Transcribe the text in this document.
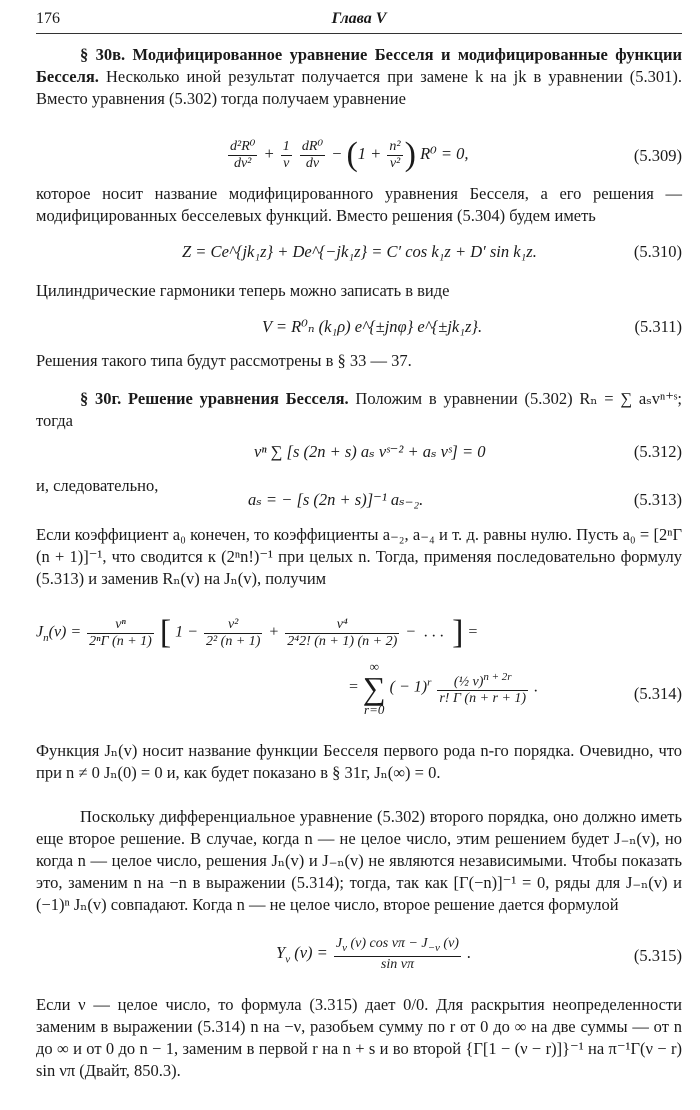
176	Глава V
§ 30в. Модифицированное уравнение Бесселя и модифицированные функции Бесселя. Несколько иной результат получается при замене k на jk в уравнении (5.301). Вместо уравнения (5.302) тогда получаем уравнение
$\frac{\text{d²R⁰}}{\text{dv²}} + \frac{1}{v}$
$\frac{\text{dR⁰}}{dv} - (1 + \frac{\text{n²}}{\text{v²}}$ ) R⁰ = 0,	(5.309)
которое носит название модифицированного уравнения Бесселя, а его решения — модифицированных бесселевых функций. Вместо решения (5.304) будем иметь
Z = Ce^{jk₁z} + De^{−jk₁z} = C′ cos k₁z + D′ sin k₁z.	(5.310)
Цилиндрические гармоники теперь можно записать в виде
V = R⁰ₙ (k₁ρ) e^{±jnφ} e^{±jk₁z}.	(5.311)
Решения такого типа будут рассмотрены в § 33 — 37.
§ 30г. Решение уравнения Бесселя. Положим в уравнении (5.302) Rₙ = ∑ aₛvⁿ⁺ˢ; тогда
vⁿ ∑ [s (2n + s) aₛ vˢ⁻² + aₛ vˢ] = 0	(5.312)
и, следовательно,
aₛ = − [s (2n + s)]⁻¹ aₛ₋₂.	(5.313)
Если коэффициент a₀ конечен, то коэффициенты a₋₂, a₋₄ и т. д. равны нулю. Пусть a₀ = [2ⁿΓ (n + 1)]⁻¹, что сводится к (2ⁿn!)⁻¹ при целых n. Тогда, применяя последовательно формулу (5.313) и заменив Rₙ(v) на Jₙ(v), получим
$J_n(v) = \frac{\text{vⁿ}}{\text{2ⁿΓ (n + 1)}}$ [ $1 - \frac{\text{v²}}{\text{2² (n + 1)}} + \frac{\text{v⁴}}{\text{2⁴2! (n + 1) (n + 2)}}$ −  . . .  ] =
= ∞
∑
r=0 ( − $1)^r \frac{(\frac{1}{2} v)^{n + 2r}}{r! \Gamma (n + r + 1)}$ .	(5.314)
Функция Jₙ(v) носит название функции Бесселя первого рода n-го порядка. Очевидно, что при n ≠ 0 Jₙ(0) = 0 и, как будет показано в § 31г, Jₙ(∞) = 0.
Поскольку дифференциальное уравнение (5.302) второго порядка, оно должно иметь еще второе решение. В случае, когда n — не целое число, этим решением будет J₋ₙ(v), но когда n — целое число, решения Jₙ(v) и J₋ₙ(v) не являются независимыми. Чтобы показать это, заменим n на −n в выражении (5.314); тогда, так как [Γ(−n)]⁻¹ = 0, ряды для J₋ₙ(v) и (−1)ⁿ Jₙ(v) совпадают. Когда n — не целое число, второе решение дается формулой
$Y_\nu$ $(v) = \frac{J_\nu (v) \cos \nu\pi - J_{-\nu} (v)}{\text{sin νπ}}$ .	(5.315)
Если ν — целое число, то формула (3.315) дает 0/0. Для раскрытия неопределенности заменим в выражении (5.314) n на −ν, разобьем сумму по r от 0 до ∞ на две суммы — от n до ∞ и от 0 до n − 1, заменим в первой r на n + s и во второй {Γ[1 − (ν − r)]}⁻¹ на π⁻¹Γ(ν − r) sin νπ (Двайт, 850.3).
